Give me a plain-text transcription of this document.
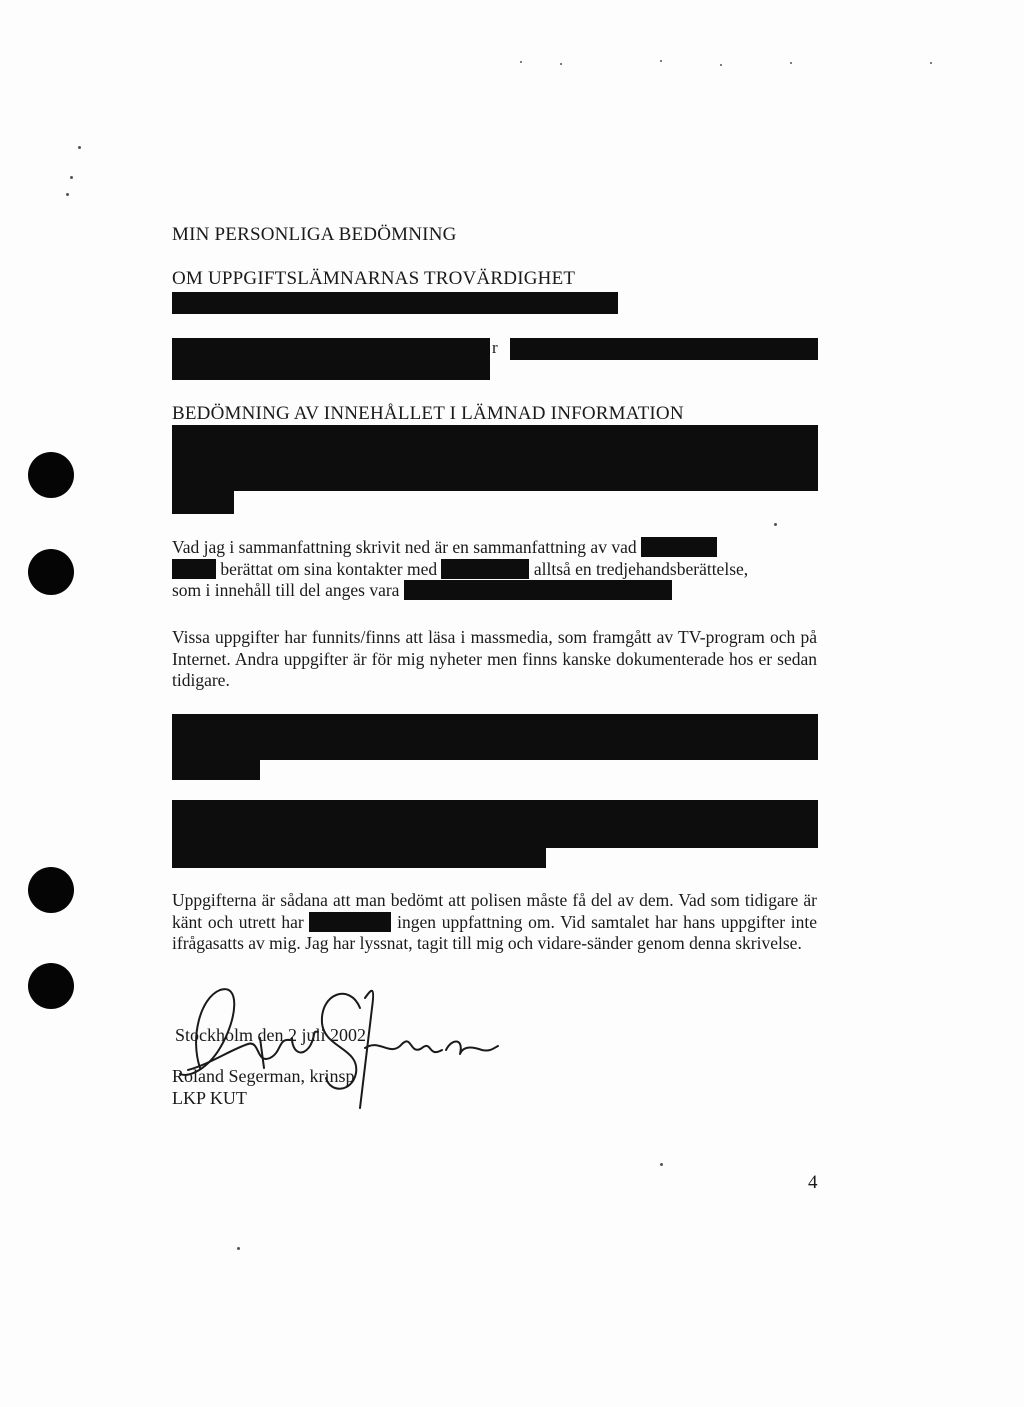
MIN PERSONLIGA BEDÖMNING
OM UPPGIFTSLÄMNARNAS TROVÄRDIGHET
r
BEDÖMNING AV INNEHÅLLET I LÄMNAD INFORMATION
Vad jag i sammanfattning skrivit ned är en sammanfattning av vad
berättat om sina kontakter med	alltså en tredjehandsberättelse,
som i innehåll till del anges vara
Vissa uppgifter har funnits/finns att läsa i massmedia, som framgått av TV-program och på Internet. Andra uppgifter är för mig nyheter men finns kanske dokumenterade hos er sedan tidigare.
Uppgifterna är sådana att man bedömt att polisen måste få del av dem. Vad som tidigare är känt och utrett har	ingen uppfattning om. Vid samtalet har hans uppgifter inte ifrågasatts av mig. Jag har lyssnat, tagit till mig och vidare-sänder genom denna skrivelse.
Stockholm den 2 juli 2002
Roland Segerman, krinsp
LKP KUT
4
